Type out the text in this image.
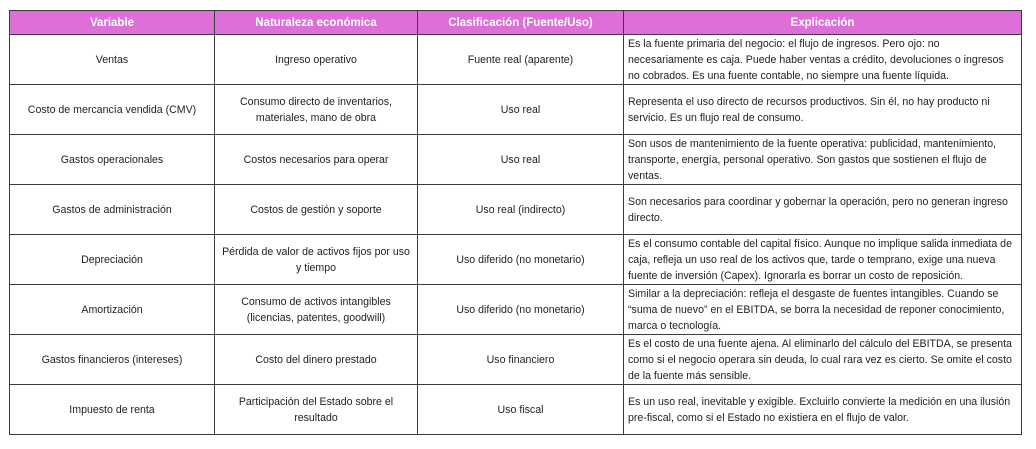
Variable	Naturaleza económica	Clasificación (Fuente/Uso)	Explicación
Ventas	Ingreso operativo	Fuente real (aparente)	Es la fuente primaria del negocio: el flujo de ingresos. Pero ojo: no necesariamente es caja. Puede haber ventas a crédito, devoluciones o ingresos no cobrados. Es una fuente contable, no siempre una fuente líquida.
Costo de mercancía vendida (CMV)	Consumo directo de inventarios, materiales, mano de obra	Uso real	Representa el uso directo de recursos productivos. Sin él, no hay producto ni servicio. Es un flujo real de consumo.
Gastos operacionales	Costos necesarios para operar	Uso real	Son usos de mantenimiento de la fuente operativa: publicidad, mantenimiento, transporte, energía, personal operativo. Son gastos que sostienen el flujo de ventas.
Gastos de administración	Costos de gestión y soporte	Uso real (indirecto)	Son necesarios para coordinar y gobernar la operación, pero no generan ingreso directo.
Depreciación	Pérdida de valor de activos fijos por uso y tiempo	Uso diferido (no monetario)	Es el consumo contable del capital físico. Aunque no implique salida inmediata de caja, refleja un uso real de los activos que, tarde o temprano, exige una nueva fuente de inversión (Capex). Ignorarla es borrar un costo de reposición.
Amortización	Consumo de activos intangibles (licencias, patentes, goodwill)	Uso diferido (no monetario)	Similar a la depreciación: refleja el desgaste de fuentes intangibles. Cuando se “suma de nuevo” en el EBITDA, se borra la necesidad de reponer conocimiento, marca o tecnología.
Gastos financieros (intereses)	Costo del dinero prestado	Uso financiero	Es el costo de una fuente ajena. Al eliminarlo del cálculo del EBITDA, se presenta como si el negocio operara sin deuda, lo cual rara vez es cierto. Se omite el costo de la fuente más sensible.
Impuesto de renta	Participación del Estado sobre el resultado	Uso fiscal	Es un uso real, inevitable y exigible. Excluirlo convierte la medición en una ilusión pre-fiscal, como si el Estado no existiera en el flujo de valor.
